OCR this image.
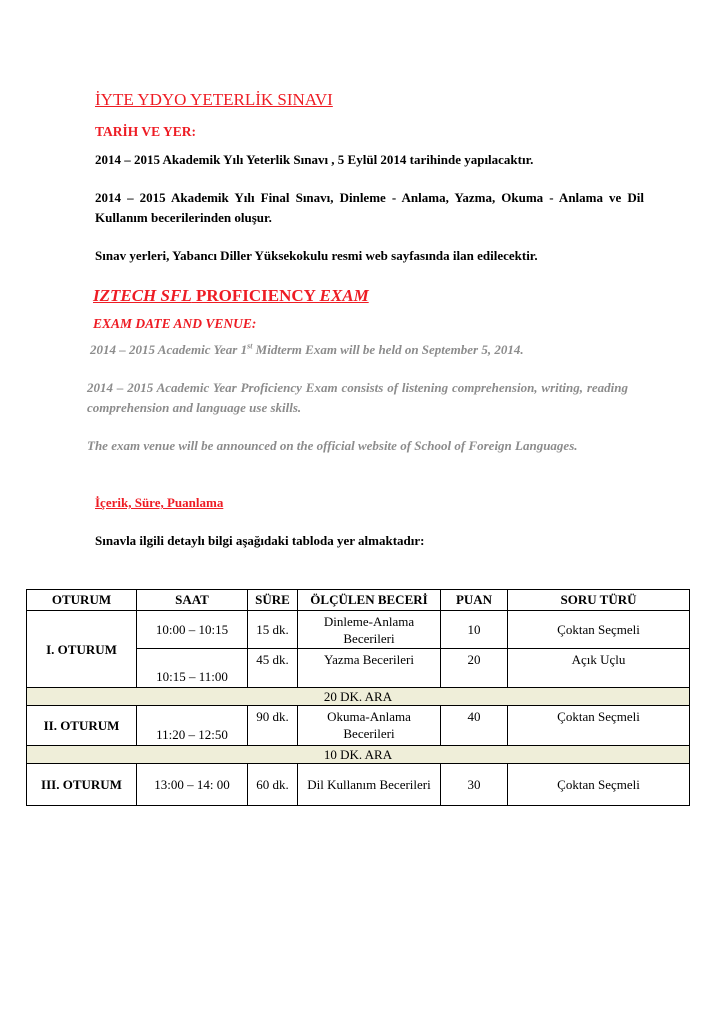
İYTE YDYO YETERLİK SINAVI
TARİH VE YER:
2014 – 2015 Akademik Yılı Yeterlik Sınavı , 5 Eylül 2014 tarihinde yapılacaktır.
2014 – 2015 Akademik Yılı Final Sınavı, Dinleme - Anlama, Yazma, Okuma - Anlama ve Dil Kullanım becerilerinden oluşur.
Sınav yerleri, Yabancı Diller Yüksekokulu resmi web sayfasında ilan edilecektir.
IZTECH SFL PROFICIENCY EXAM
EXAM DATE AND VENUE:
2014 – 2015 Academic Year 1st Midterm Exam will be held on September 5, 2014.
2014 – 2015 Academic Year Proficiency Exam consists of listening comprehension, writing, reading comprehension and language use skills.
The exam venue will be announced on the official website of School of Foreign Languages.
İçerik, Süre, Puanlama
Sınavla ilgili detaylı bilgi aşağıdaki tabloda yer almaktadır:
OTURUM	SAAT	SÜRE	ÖLÇÜLEN BECERİ	PUAN	SORU TÜRÜ
I. OTURUM	10:00 – 10:15	15 dk.	Dinleme-Anlama Becerileri	10	Çoktan Seçmeli
	10:15 – 11:00	45 dk.	Yazma Becerileri	20	Açık Uçlu
20 DK. ARA					
II. OTURUM	11:20 – 12:50	90 dk.	Okuma-Anlama Becerileri	40	Çoktan Seçmeli
10 DK. ARA					
III. OTURUM	13:00 – 14: 00	60 dk.	Dil Kullanım Becerileri	30	Çoktan Seçmeli
